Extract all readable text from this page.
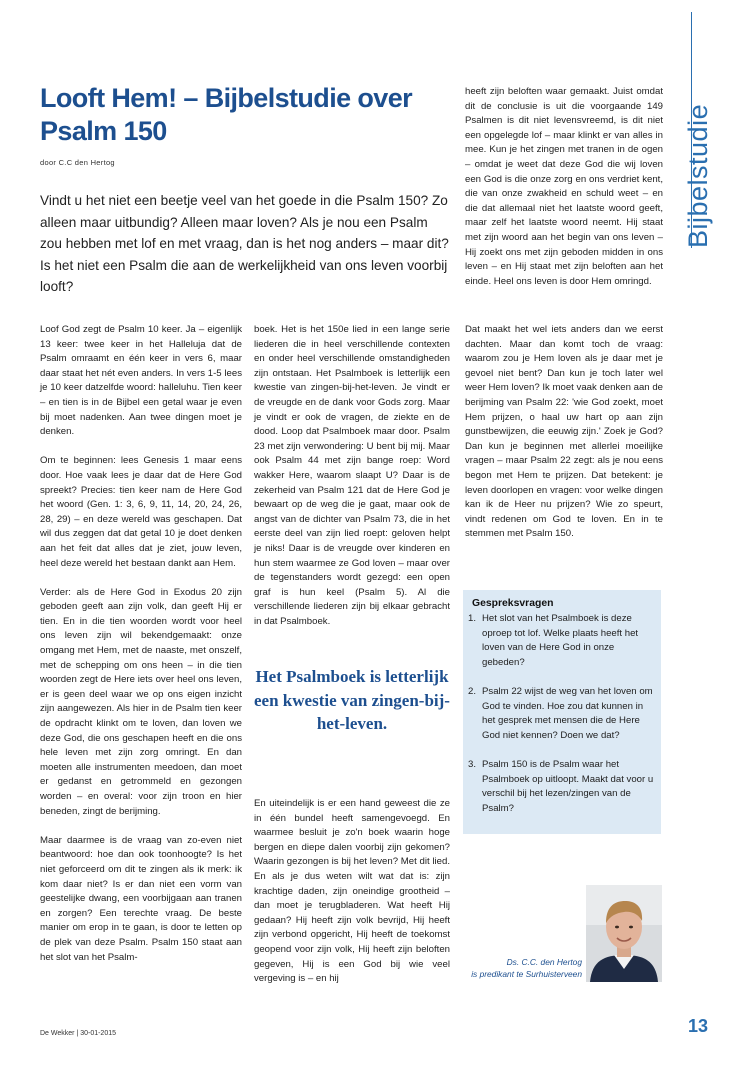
Bijbelstudie
Looft Hem! – Bijbelstudie over Psalm 150
door C.C den Hertog
Vindt u het niet een beetje veel van het goede in die Psalm 150? Zo alleen maar uitbundig? Alleen maar loven? Als je nou een Psalm zou hebben met lof en met vraag, dan is het nog anders – maar dit? Is het niet een Psalm die aan de werkelijkheid van ons leven voorbij looft?

Loof God zegt de Psalm 10 keer. Ja – eigenlijk 13 keer: twee keer in het Halleluja dat de Psalm omraamt en één keer in vers 6, maar daar staat het nét even anders. In vers 1-5 lees je 10 keer datzelfde woord: halleluhu. Tien keer – en tien is in de Bijbel een getal waar je even bij moet nadenken. Aan twee dingen moet je denken.

Om te beginnen: lees Genesis 1 maar eens door. Hoe vaak lees je daar dat de Here God spreekt? Precies: tien keer nam de Here God het woord (Gen. 1: 3, 6, 9, 11, 14, 20, 24, 26, 28, 29) – en deze wereld was geschapen. Dat wil dus zeggen dat dat getal 10 je doet denken aan het feit dat alles dat je ziet, jouw leven, heel deze wereld het bestaan dankt aan Hem.

Verder: als de Here God in Exodus 20 zijn geboden geeft aan zijn volk, dan geeft Hij er tien. En in die tien woorden wordt voor heel ons leven zijn wil bekendgemaakt: onze omgang met Hem, met de naaste, met onszelf, met de schepping om ons heen – in die tien woorden zegt de Here iets over heel ons leven, er is geen deel waar we op ons eigen inzicht zijn aangewezen. Als hier in de Psalm tien keer de opdracht klinkt om te loven, dan loven we deze God, die ons geschapen heeft en die ons hele leven met zijn zorg omringt. En dan moeten alle instrumenten meedoen, dan moet er gedanst en getrommeld en gezongen worden – en overal: voor zijn troon en hier beneden, zingt de berijming.

Maar daarmee is de vraag van zo-even niet beantwoord: hoe dan ook toonhoogte? Is het niet geforceerd om dit te zingen als ik merk: ik kom daar niet? Is er dan niet een vorm van geestelijke dwang, een voorbijgaan aan tranen en zorgen? Een terechte vraag. De beste manier om erop in te gaan, is door te letten op de plek van deze Psalm. Psalm 150 staat aan het slot van het Psalm-

boek. Het is het 150e lied in een lange serie liederen die in heel verschillende contexten en onder heel verschillende omstandigheden zijn ontstaan. Het Psalmboek is letterlijk een kwestie van zingen-bij-het-leven. Je vindt er de vreugde en de dank voor Gods zorg. Maar je vindt er ook de vragen, de ziekte en de dood. Loop dat Psalmboek maar door. Psalm 23 met zijn verwondering: U bent bij mij. Maar ook Psalm 44 met zijn bange roep: Word wakker Here, waarom slaapt U? Daar is de zekerheid van Psalm 121 dat de Here God je bewaart op de weg die je gaat, maar ook de angst van de dichter van Psalm 73, die in het eerste deel van zijn lied roept: geloven helpt je niks! Daar is de vreugde over kinderen en hun stem waarmee ze God loven – maar over de tegenstanders wordt gezegd: een open graf is hun keel (Psalm 5). Al die verschillende liederen zijn bij elkaar gebracht in dat Psalmboek.

Het Psalmboek is letterlijk een kwestie van zingen-bij-het-leven.

En uiteindelijk is er een hand geweest die ze in één bundel heeft samengevoegd. En waarmee besluit je zo'n boek waarin hoge bergen en diepe dalen voorbij zijn gekomen? Waarin gezongen is bij het leven? Met dit lied. En als je dus weten wilt wat dat is: zijn krachtige daden, zijn oneindige grootheid – dan moet je terugbladeren. Wat heeft Hij gedaan? Hij heeft zijn volk bevrijd, Hij heeft zijn verbond opgericht, Hij heeft de toekomst geopend voor zijn volk, Hij heeft zijn beloften gegeven, Hij is een God bij wie veel vergeving is – en hij

heeft zijn beloften waar gemaakt. Juist omdat dit de conclusie is uit die voorgaande 149 Psalmen is dit niet levensvreemd, is dit niet een opgelegde lof – maar klinkt er van alles in mee. Kun je het zingen met tranen in de ogen – omdat je weet dat deze God die wij loven een God is die onze zorg en ons verdriet kent, die van onze zwakheid en schuld weet – en die dat allemaal niet het laatste woord geeft, maar zelf het laatste woord neemt. Hij staat met zijn woord aan het begin van ons leven – Hij zoekt ons met zijn geboden midden in ons leven – en Hij staat met zijn beloften aan het einde. Heel ons leven is door Hem omringd.

Dat maakt het wel iets anders dan we eerst dachten. Maar dan komt toch de vraag: waarom zou je Hem loven als je daar met je gevoel niet bent? Dan kun je toch later wel weer Hem loven? Ik moet vaak denken aan de berijming van Psalm 22: 'wie God zoekt, moet Hem prijzen, o haal uw hart op aan zijn gunstbewijzen, die eeuwig zijn.' Zoek je God? Dan kun je beginnen met allerlei moeilijke vragen – maar Psalm 22 zegt: als je nou eens begon met Hem te prijzen. Dat betekent: je leven doorlopen en vragen: voor welke dingen kan ik de Heer nu prijzen? Wie zo speurt, vindt redenen om God te loven. En in te stemmen met Psalm 150.

Gespreksvragen
1. Het slot van het Psalmboek is deze oproep tot lof. Welke plaats heeft het loven van de Here God in onze gebeden?
2. Psalm 22 wijst de weg van het loven om God te vinden. Hoe zou dat kunnen in het gesprek met mensen die de Here God niet kennen? Doen we dat?
3. Psalm 150 is de Psalm waar het Psalmboek op uitloopt. Maakt dat voor u verschil bij het lezen/zingen van de Psalm?
Ds. C.C. den Hertog
is predikant te Surhuisterveen
De Wekker | 30-01-2015	13
